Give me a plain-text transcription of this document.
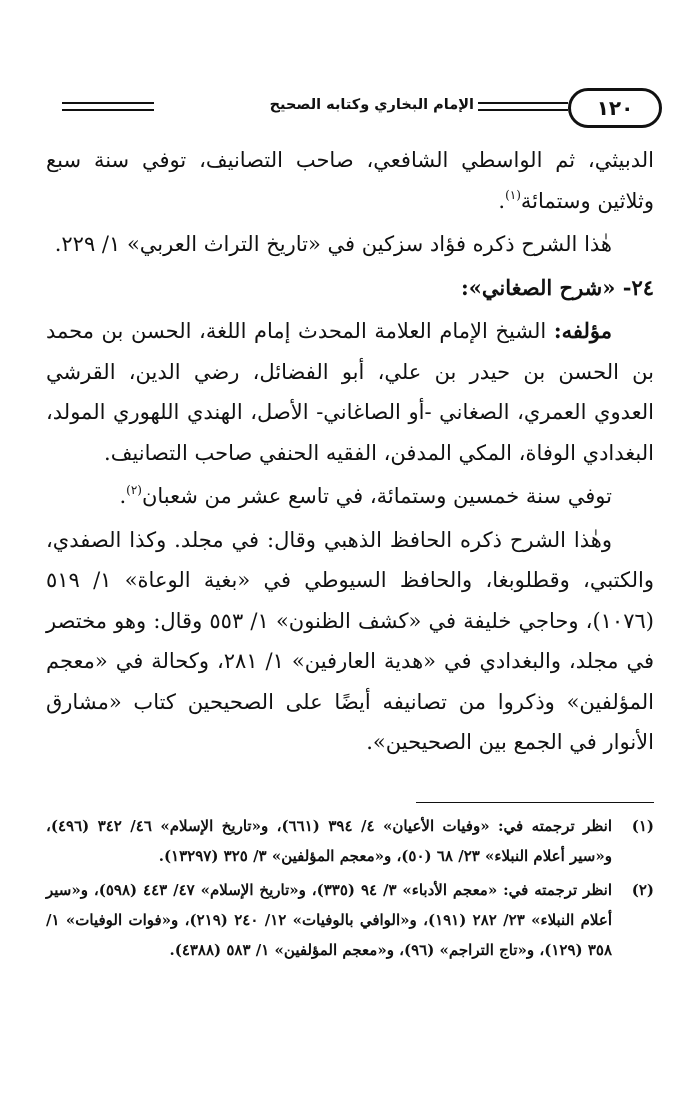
١٢٠
الإمام البخاري وكتابه الصحيح

الدبيثي، ثم الواسطي الشافعي، صاحب التصانيف، توفي سنة سبع وثلاثين وستمائة$^{(١)}$.

هٰذا الشرح ذكره فؤاد سزكين في «تاريخ التراث العربي» ١/ ٢٢٩.

٢٤- «شرح الصغاني»:

مؤلفه: الشيخ الإمام العلامة المحدث إمام اللغة، الحسن بن محمد بن الحسن بن حيدر بن علي، أبو الفضائل، رضي الدين، القرشي العدوي العمري، الصغاني -أو الصاغاني- الأصل، الهندي اللهوري المولد، البغدادي الوفاة، المكي المدفن، الفقيه الحنفي صاحب التصانيف.

توفي سنة خمسين وستمائة، في تاسع عشر من شعبان$^{(٢)}$.

وهٰذا الشرح ذكره الحافظ الذهبي وقال: في مجلد. وكذا الصفدي، والكتبي، وقطلوبغا، والحافظ السيوطي في «بغية الوعاة» ١/ ٥١٩ (١٠٧٦)، وحاجي خليفة في «كشف الظنون» ١/ ٥٥٣ وقال: وهو مختصر في مجلد، والبغدادي في «هدية العارفين» ١/ ٢٨١، وكحالة في «معجم المؤلفين» وذكروا من تصانيفه أيضًا على الصحيحين كتاب «مشارق الأنوار في الجمع بين الصحيحين».

(١)
انظر ترجمته في: «وفيات الأعيان» ٤/ ٣٩٤ (٦٦١)، و«تاريخ الإسلام» ٤٦/ ٣٤٢ (٤٩٦)، و«سير أعلام النبلاء» ٢٣/ ٦٨ (٥٠)، و«معجم المؤلفين» ٣/ ٣٢٥ (١٣٢٩٧).
(٢)
انظر ترجمته في: «معجم الأدباء» ٣/ ٩٤ (٣٣٥)، و«تاريخ الإسلام» ٤٧/ ٤٤٣ (٥٩٨)، و«سير أعلام النبلاء» ٢٣/ ٢٨٢ (١٩١)، و«الوافي بالوفيات» ١٢/ ٢٤٠ (٢١٩)، و«فوات الوفيات» ١/ ٣٥٨ (١٢٩)، و«تاج التراجم» (٩٦)، و«معجم المؤلفين» ١/ ٥٨٣ (٤٣٨٨).
